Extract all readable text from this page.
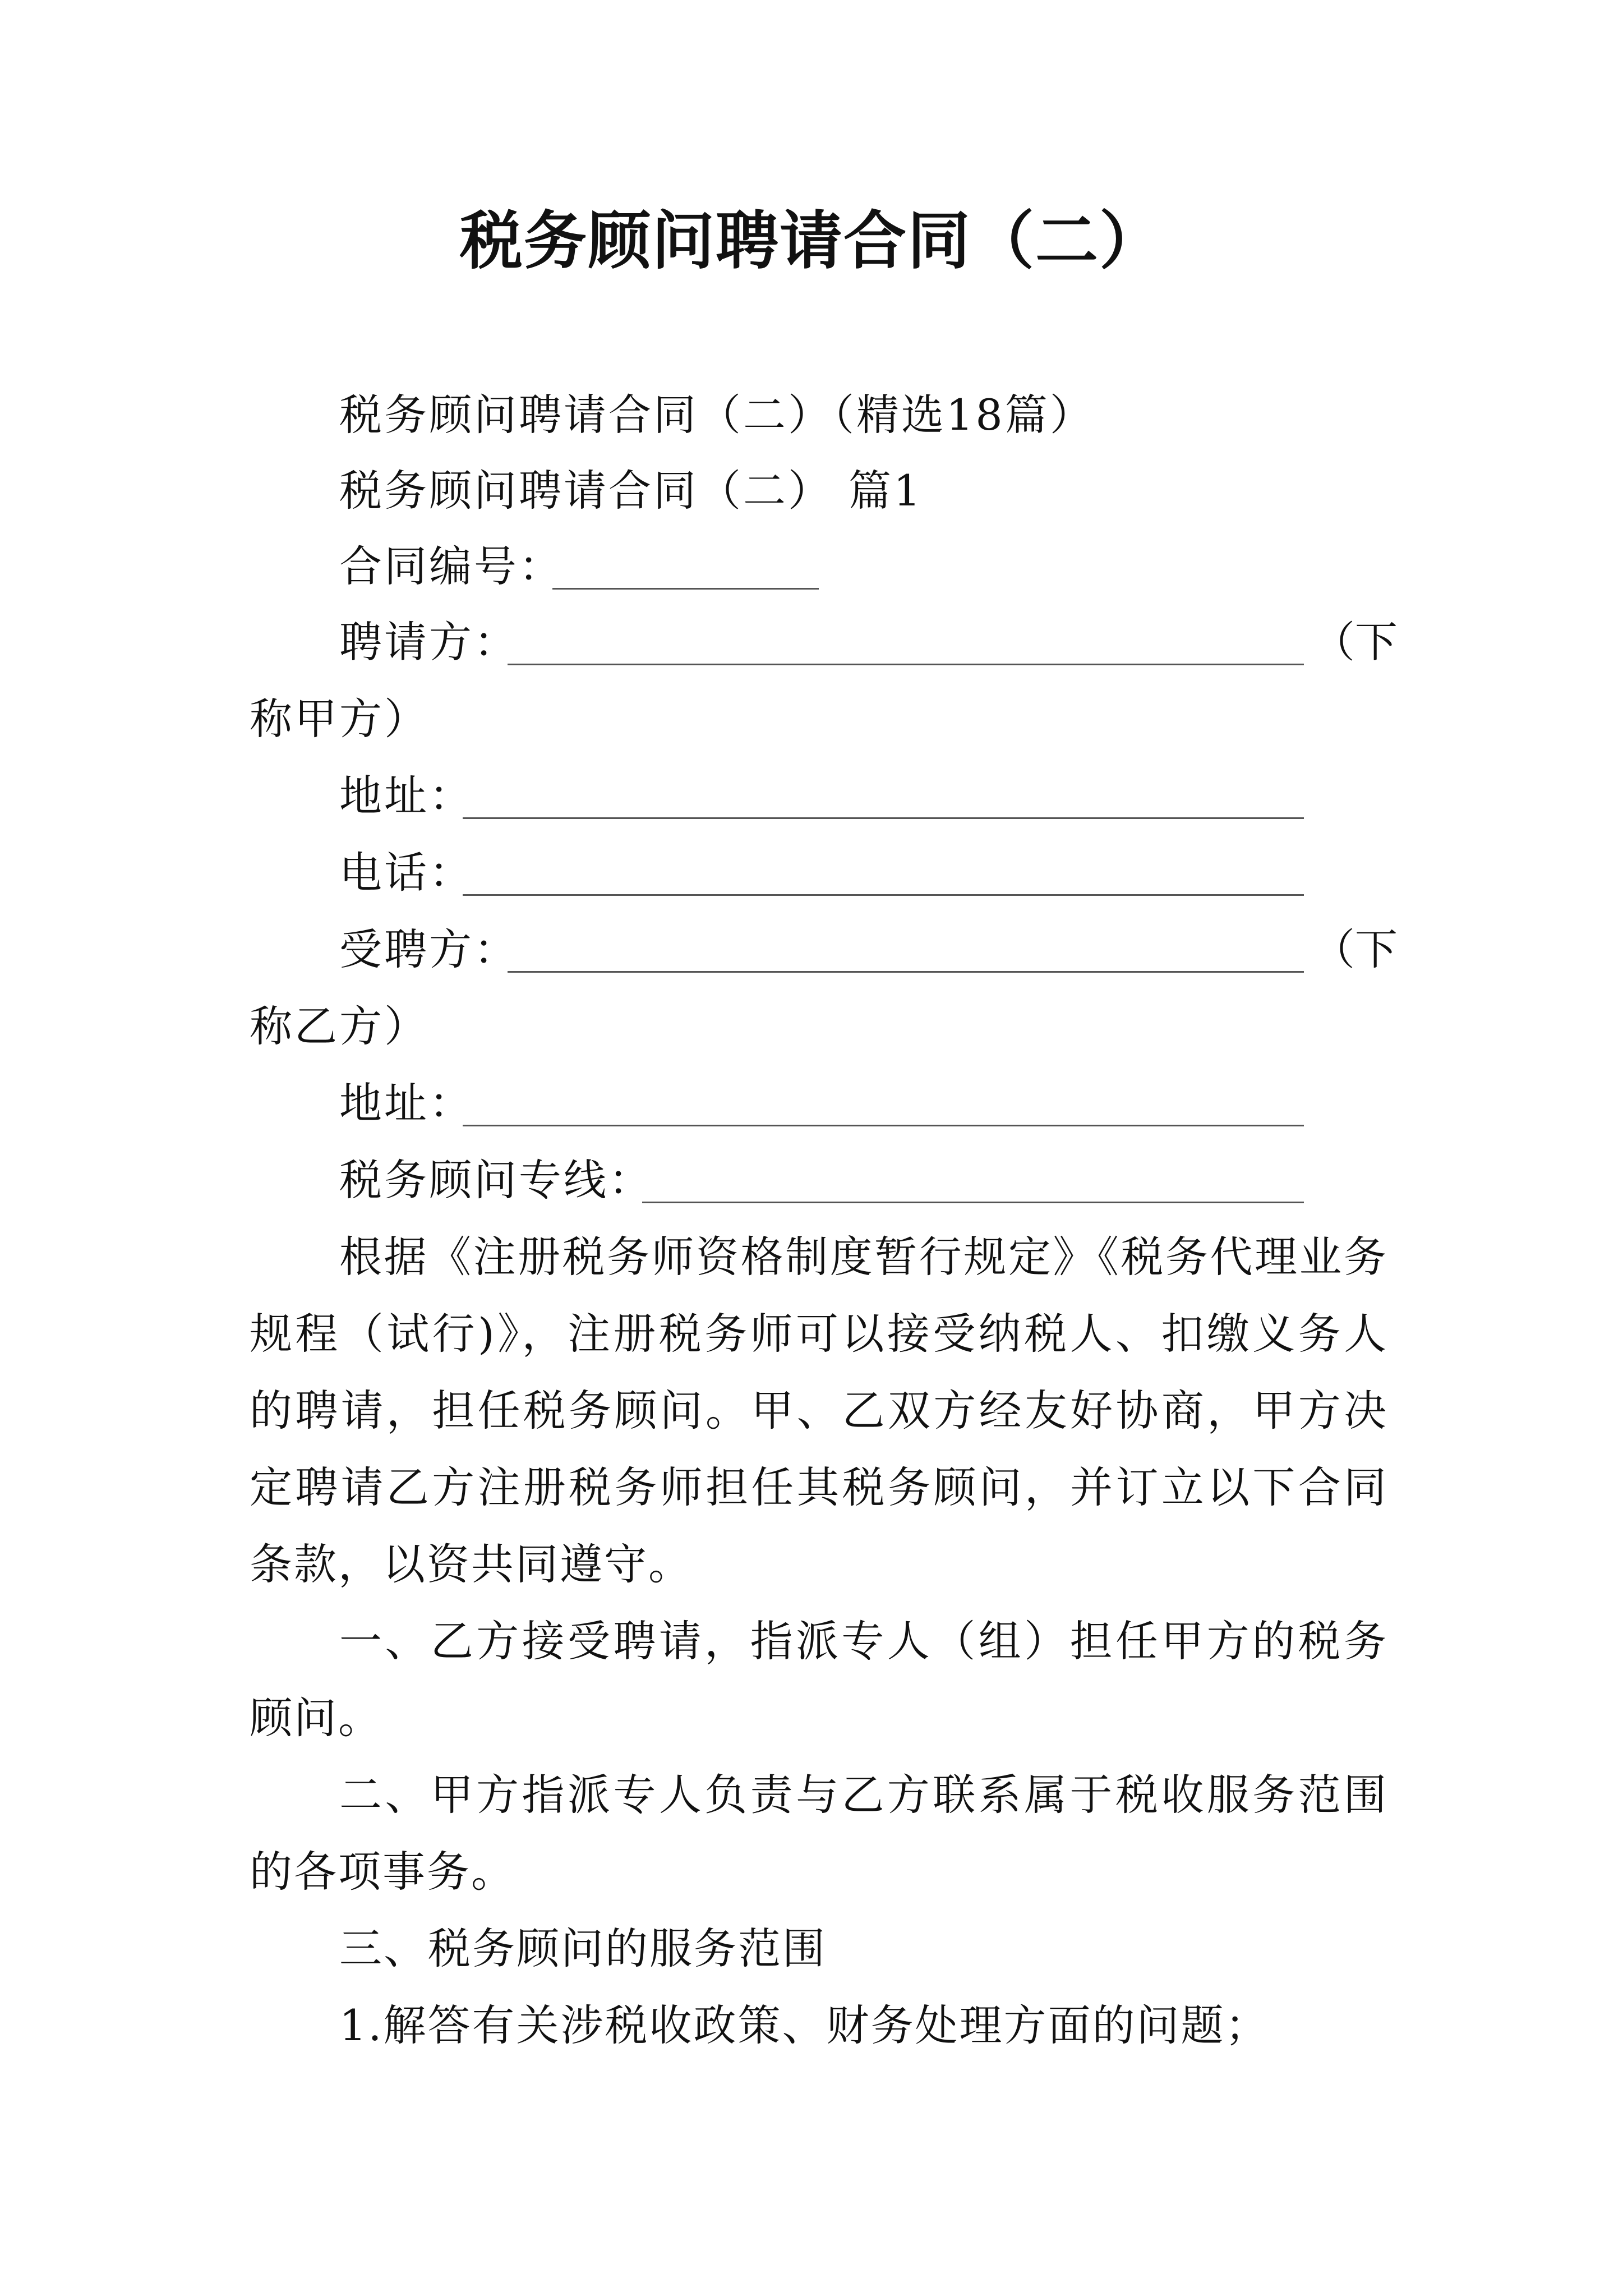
税务顾问聘请合同（二）
税务顾问聘请合同（二）（精选18篇）
税务顾问聘请合同（二） 篇1
合同编号：
聘请方：	（下
称甲方）
地址：
电话：
受聘方：	（下
称乙方）
地址：
税务顾问专线：
根据《注册税务师资格制度暂行规定》《税务代理业务规程（试行)》，注册税务师可以接受纳税人、扣缴义务人的聘请，担任税务顾问。甲、乙双方经友好协商，甲方决定聘请乙方注册税务师担任其税务顾问，并订立以下合同条款，以资共同遵守。
一、乙方接受聘请，指派专人（组）担任甲方的税务顾问。
二、甲方指派专人负责与乙方联系属于税收服务范围的各项事务。
三、税务顾问的服务范围
1.解答有关涉税收政策、财务处理方面的问题；
